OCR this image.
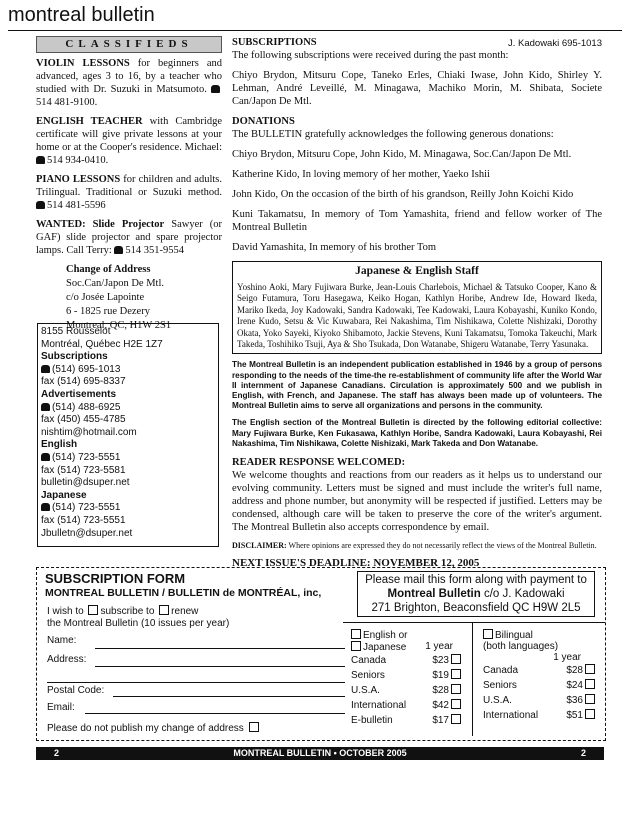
montreal bulletin
CLASSIFIEDS

VIOLIN LESSONS for beginners and advanced, ages 3 to 16, by a teacher who studied with Dr. Suzuki in Matsumoto. 514 481-9100.

ENGLISH TEACHER with Cambridge certificate will give private lessons at your home or at the Cooper's residence. Michael: 514 934-0410.

PIANO LESSONS for children and adults. Trilingual. Traditional or Suzuki method. 514 481-5596

WANTED: Slide Projector Sawyer (or GAF) slide projector and spare projector lamps. Call Terry: 514 351-9554

Change of Address
Soc.Can/Japon De Mtl.
c/o Josée Lapointe
6 - 1825 rue Dezery
Montreal, QC, H1W 2S1
8155 Rousselot
Montréal, Québec H2E 1Z7
Subscriptions
(514) 695-1013
fax (514) 695-8337
Advertisements
(514) 488-6925
fax (450) 455-4785
nishtim@hotmail.com
English
(514) 723-5551
fax (514) 723-5581
bulletin@dsuper.net
Japanese
(514) 723-5551
fax (514) 723-5551
Jbulletn@dsuper.net
SUBSCRIPTIONS	J. Kadowaki 695-1013

The following subscriptions were received during the past month:

Chiyo Brydon, Mitsuru Cope, Taneko Erles, Chiaki Iwase, John Kido, Shirley Y. Lehman, André Leveillé, M. Minagawa, Machiko Morin, M. Shibata, Societe Can/Japon De Mtl.

DONATIONS

The BULLETIN gratefully acknowledges the following generous donations:

Chiyo Brydon, Mitsuru Cope, John Kido, M. Minagawa, Soc.Can/Japon De Mtl.

Katherine Kido, In loving memory of her mother, Yaeko Ishii

John Kido, On the occasion of the birth of his grandson, Reilly John Koichi Kido

Kuni Takamatsu, In memory of Tom Yamashita, friend and fellow worker of The Montreal Bulletin

David Yamashita, In memory of his brother Tom

Japanese & English Staff
Yoshino Aoki, Mary Fujiwara Burke, Jean-Louis Charlebois, Michael & Tatsuko Cooper, Kano & Seigo Futamura, Toru Hasegawa, Keiko Hogan, Kathlyn Horibe, Andrew Ide, Howard Ikeda, Mariko Ikeda, Joy Kadowaki, Sandra Kadowaki, Tee Kadowaki, Laura Kobayashi, Kuniko Kondo, Irene Kudo, Setsu & Vic Kuwabara, Rei Nakashima, Tim Nishikawa, Colette Nishizaki, Dorothy Okata, Yoko Sayeki, Kiyoko Shibamoto, Jackie Stevens, Kuni Takamatsu, Tomoka Takeuchi, Mark Takeda, Toshihiko Tsuji, Aya & Sho Tsukada, Don Watanabe, Shigeru Watanabe, Terry Yasunaka.

The Montreal Bulletin is an independent publication established in 1946 by a group of persons responding to the needs of the time-the re-establishment of community life after the World War II internment of Japanese Canadians. Circulation is approximately 500 and we publish in English, with French, and Japanese. The staff has always been made up of volunteers. The Montreal Bulletin aims to serve all organizations and persons in the community.

The English section of the Montreal Bulletin is directed by the following editorial collective: Mary Fujiwara Burke, Ken Fukasawa, Kathlyn Horibe, Sandra Kadowaki, Laura Kobayashi, Rei Nakashima, Tim Nishikawa, Colette Nishizaki, Mark Takeda and Don Watanabe.

READER RESPONSE WELCOMED:

We welcome thoughts and reactions from our readers as it helps us to understand our evolving community. Letters must be signed and must include the writer's full name, address and phone number, but anonymity will be respected if justified. Letters may be condensed, although care will be taken to preserve the core of the writer's argument. The Montreal Bulletin also accepts correspondence by email.

DISCLAIMER: Where opinions are expressed they do not necessarily reflect the views of the Montreal Bulletin.

NEXT ISSUE'S DEADLINE: NOVEMBER 12, 2005
SUBSCRIPTION FORM
MONTREAL BULLETIN / BULLETIN de MONTRÉAL, inc,
I wish to subscribe to renew
the Montreal Bulletin (10 issues per year)
Name:
Address:
Postal Code:
Email:
Please do not publish my change of address
Please mail this form along with payment to
Montreal Bulletin c/o J. Kadowaki
271 Brighton, Beaconsfield QC H9W 2L5
English or
Japanese 1 year
Canada	$23
Seniors	$19
U.S.A.	$28
International	$42
E-bulletin	$17
Bilingual
(both languages)
1 year
Canada	$28
Seniors	$24
U.S.A.	$36
International	$51
2	MONTREAL BULLETIN • OCTOBER 2005	2
